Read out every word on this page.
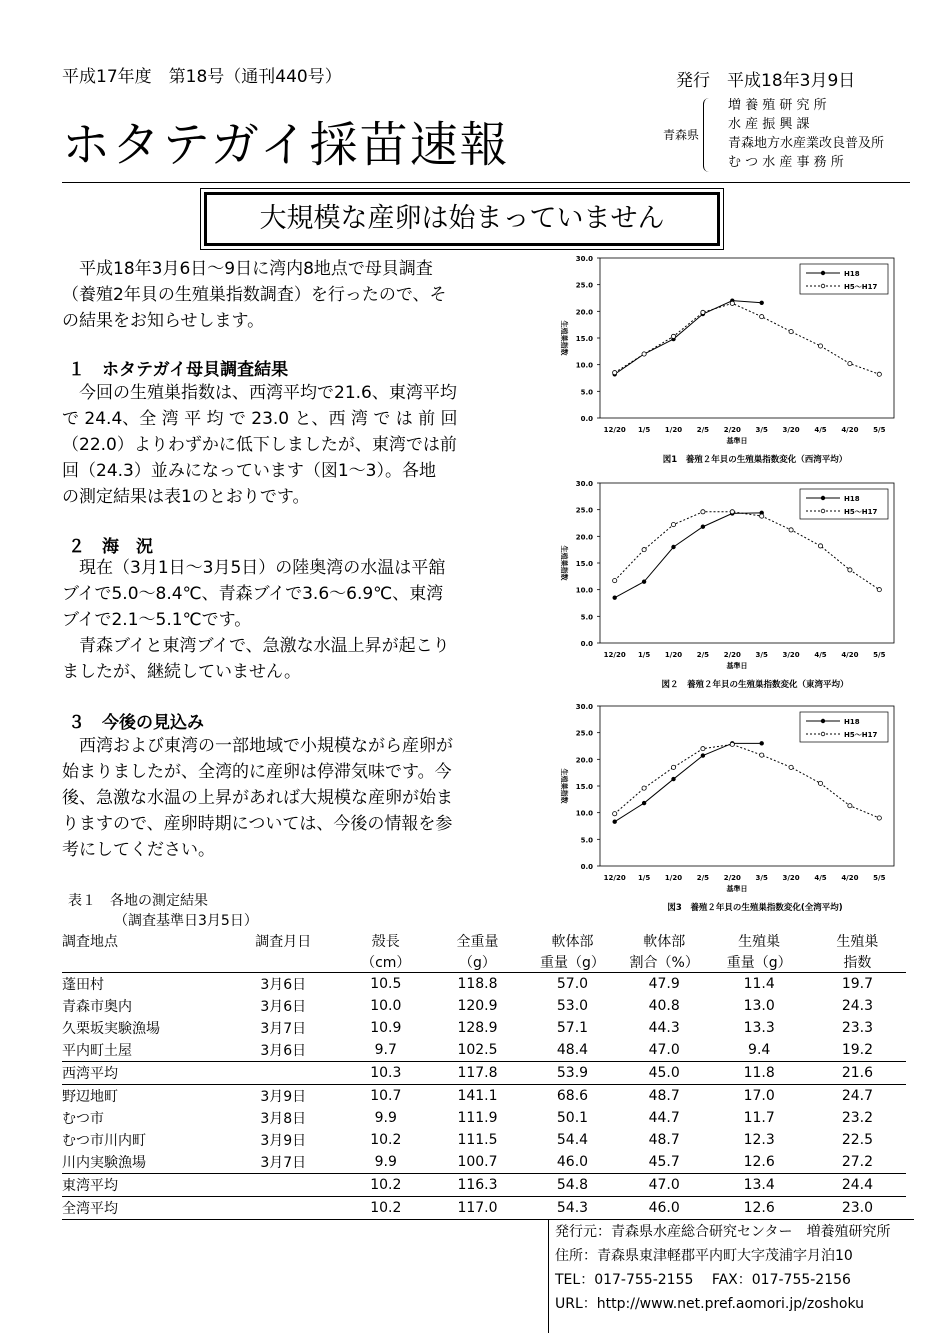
平成17年度　第18号（通刊440号）	発行　平成18年3月9日
ホタテガイ採苗速報	青森県
増 養 殖 研 究 所
水 産 振 興 課
青森地方水産業改良普及所
む つ 水 産 事 務 所
大規模な産卵は始まっていません
平成18年3月6日～9日に湾内8地点で母貝調査
（養殖2年貝の生殖巣指数調査）を行ったので、そ
の結果をお知らせします。
１　ホタテガイ母貝調査結果
今回の生殖巣指数は、西湾平均で21.6、東湾平均
で 24.4、全 湾 平 均 で 23.0 と、西 湾 で は 前 回
（22.0）よりわずかに低下しましたが、東湾では前
回（24.3）並みになっています（図1～3）。各地
の測定結果は表1のとおりです。
２　海　況
現在（3月1日～3月5日）の陸奥湾の水温は平舘
ブイで5.0～8.4℃、青森ブイで3.6～6.9℃、東湾
ブイで2.1～5.1℃です。
青森ブイと東湾ブイで、急激な水温上昇が起こり
ましたが、継続していません。
３　今後の見込み
西湾および東湾の一部地域で小規模ながら産卵が
始まりましたが、全湾的に産卵は停滞気味です。今
後、急激な水温の上昇があれば大規模な産卵が始ま
りますので、産卵時期については、今後の情報を参
考にしてください。
0.0
5.0
10.0
15.0
20.0
25.0
30.0
12/20 1/5 1/20 2/5 2/20 3/5 3/20 4/5 4/20 5/5
基準日
生殖巣指数
H18
H5～H17
図1　養殖２年貝の生殖巣指数変化（西湾平均）
0.0
5.0
10.0
15.0
20.0
25.0
30.0
12/20 1/5 1/20 2/5 2/20 3/5 3/20 4/5 4/20 5/5
基準日
生殖巣指数
H18
H5～H17
図２　養殖２年貝の生殖巣指数変化（東湾平均）
0.0
5.0
10.0
15.0
20.0
25.0
30.0
12/20 1/5 1/20 2/5 2/20 3/5 3/20 4/5 4/20 5/5
基準日
生殖巣指数
H18
H5～H17
図3　養殖２年貝の生殖巣指数変化(全湾平均)
表１　各地の測定結果
（調査基準日3月5日）
調査地点	調査月日	殻長	全重量	軟体部	軟体部	生殖巣	生殖巣
		（cm）	（g）	重量（g）	割合（%）	重量（g）	指数
蓬田村	3月6日	10.5	118.8	57.0	47.9	11.4	19.7
青森市奥内	3月6日	10.0	120.9	53.0	40.8	13.0	24.3
久栗坂実験漁場	3月7日	10.9	128.9	57.1	44.3	13.3	23.3
平内町土屋	3月6日	9.7	102.5	48.4	47.0	9.4	19.2
西湾平均		10.3	117.8	53.9	45.0	11.8	21.6
野辺地町	3月9日	10.7	141.1	68.6	48.7	17.0	24.7
むつ市	3月8日	9.9	111.9	50.1	44.7	11.7	23.2
むつ市川内町	3月9日	10.2	111.5	54.4	48.7	12.3	22.5
川内実験漁場	3月7日	9.9	100.7	46.0	45.7	12.6	27.2
東湾平均		10.2	116.3	54.8	47.0	13.4	24.4
全湾平均		10.2	117.0	54.3	46.0	12.6	23.0
発行元：青森県水産総合研究センター　増養殖研究所
住所：青森県東津軽郡平内町大字茂浦字月泊10
TEL：017-755-2155　 FAX：017-755-2156
URL：http://www.net.pref.aomori.jp/zoshoku
